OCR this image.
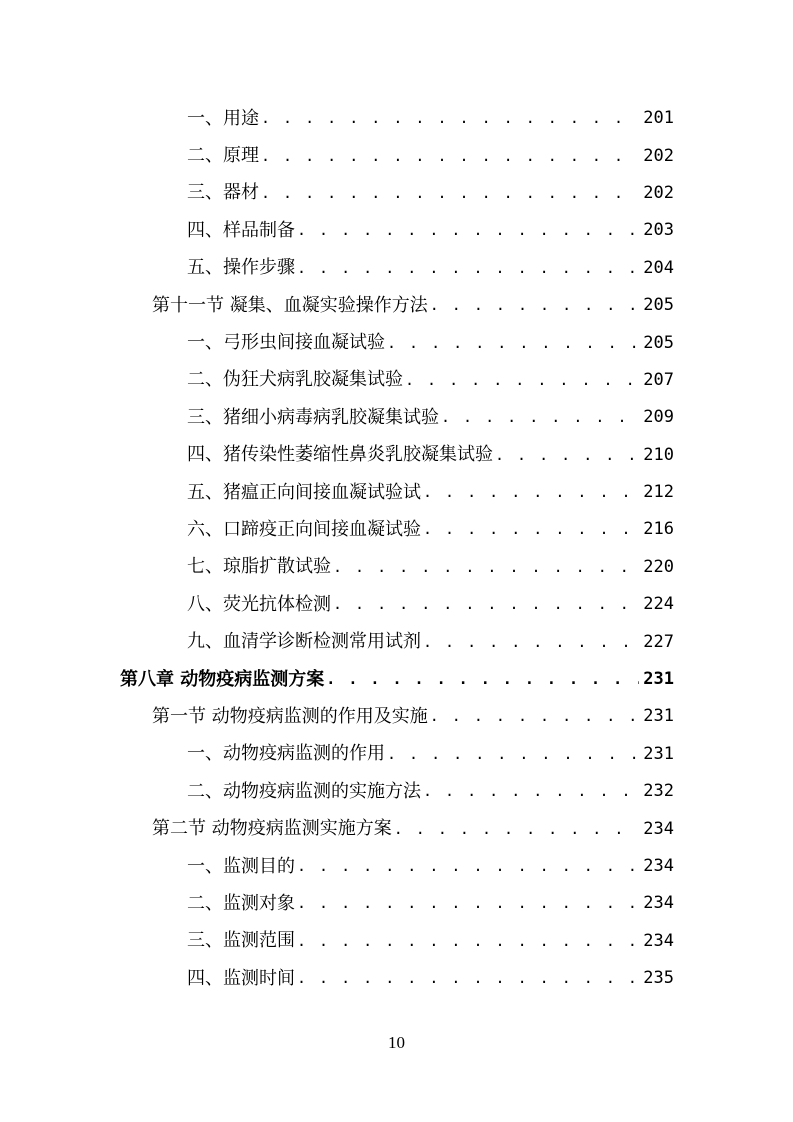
一、用途 . . .	201
二、原理 . . .	202
三、器材 . . .	202
四、样品制备 . . .	203
五、操作步骤 . . .	204
第十一节 凝集、血凝实验操作方法 . . .	205
一、弓形虫间接血凝试验 . . .	205
二、伪狂犬病乳胶凝集试验 . . .	207
三、猪细小病毒病乳胶凝集试验 . . .	209
四、猪传染性萎缩性鼻炎乳胶凝集试验 . . .	210
五、猪瘟正向间接血凝试验试 . . .	212
六、口蹄疫正向间接血凝试验 . . .	216
七、琼脂扩散试验 . . .	220
八、荧光抗体检测 . . .	224
九、血清学诊断检测常用试剂 . . .	227
第八章 动物疫病监测方案 . . .	231
第一节 动物疫病监测的作用及实施 . . .	231
一、动物疫病监测的作用 . . .	231
二、动物疫病监测的实施方法 . . .	232
第二节 动物疫病监测实施方案 . . .	234
一、监测目的 . . .	234
二、监测对象 . . .	234
三、监测范围 . . .	234
四、监测时间 . . .	235
10
